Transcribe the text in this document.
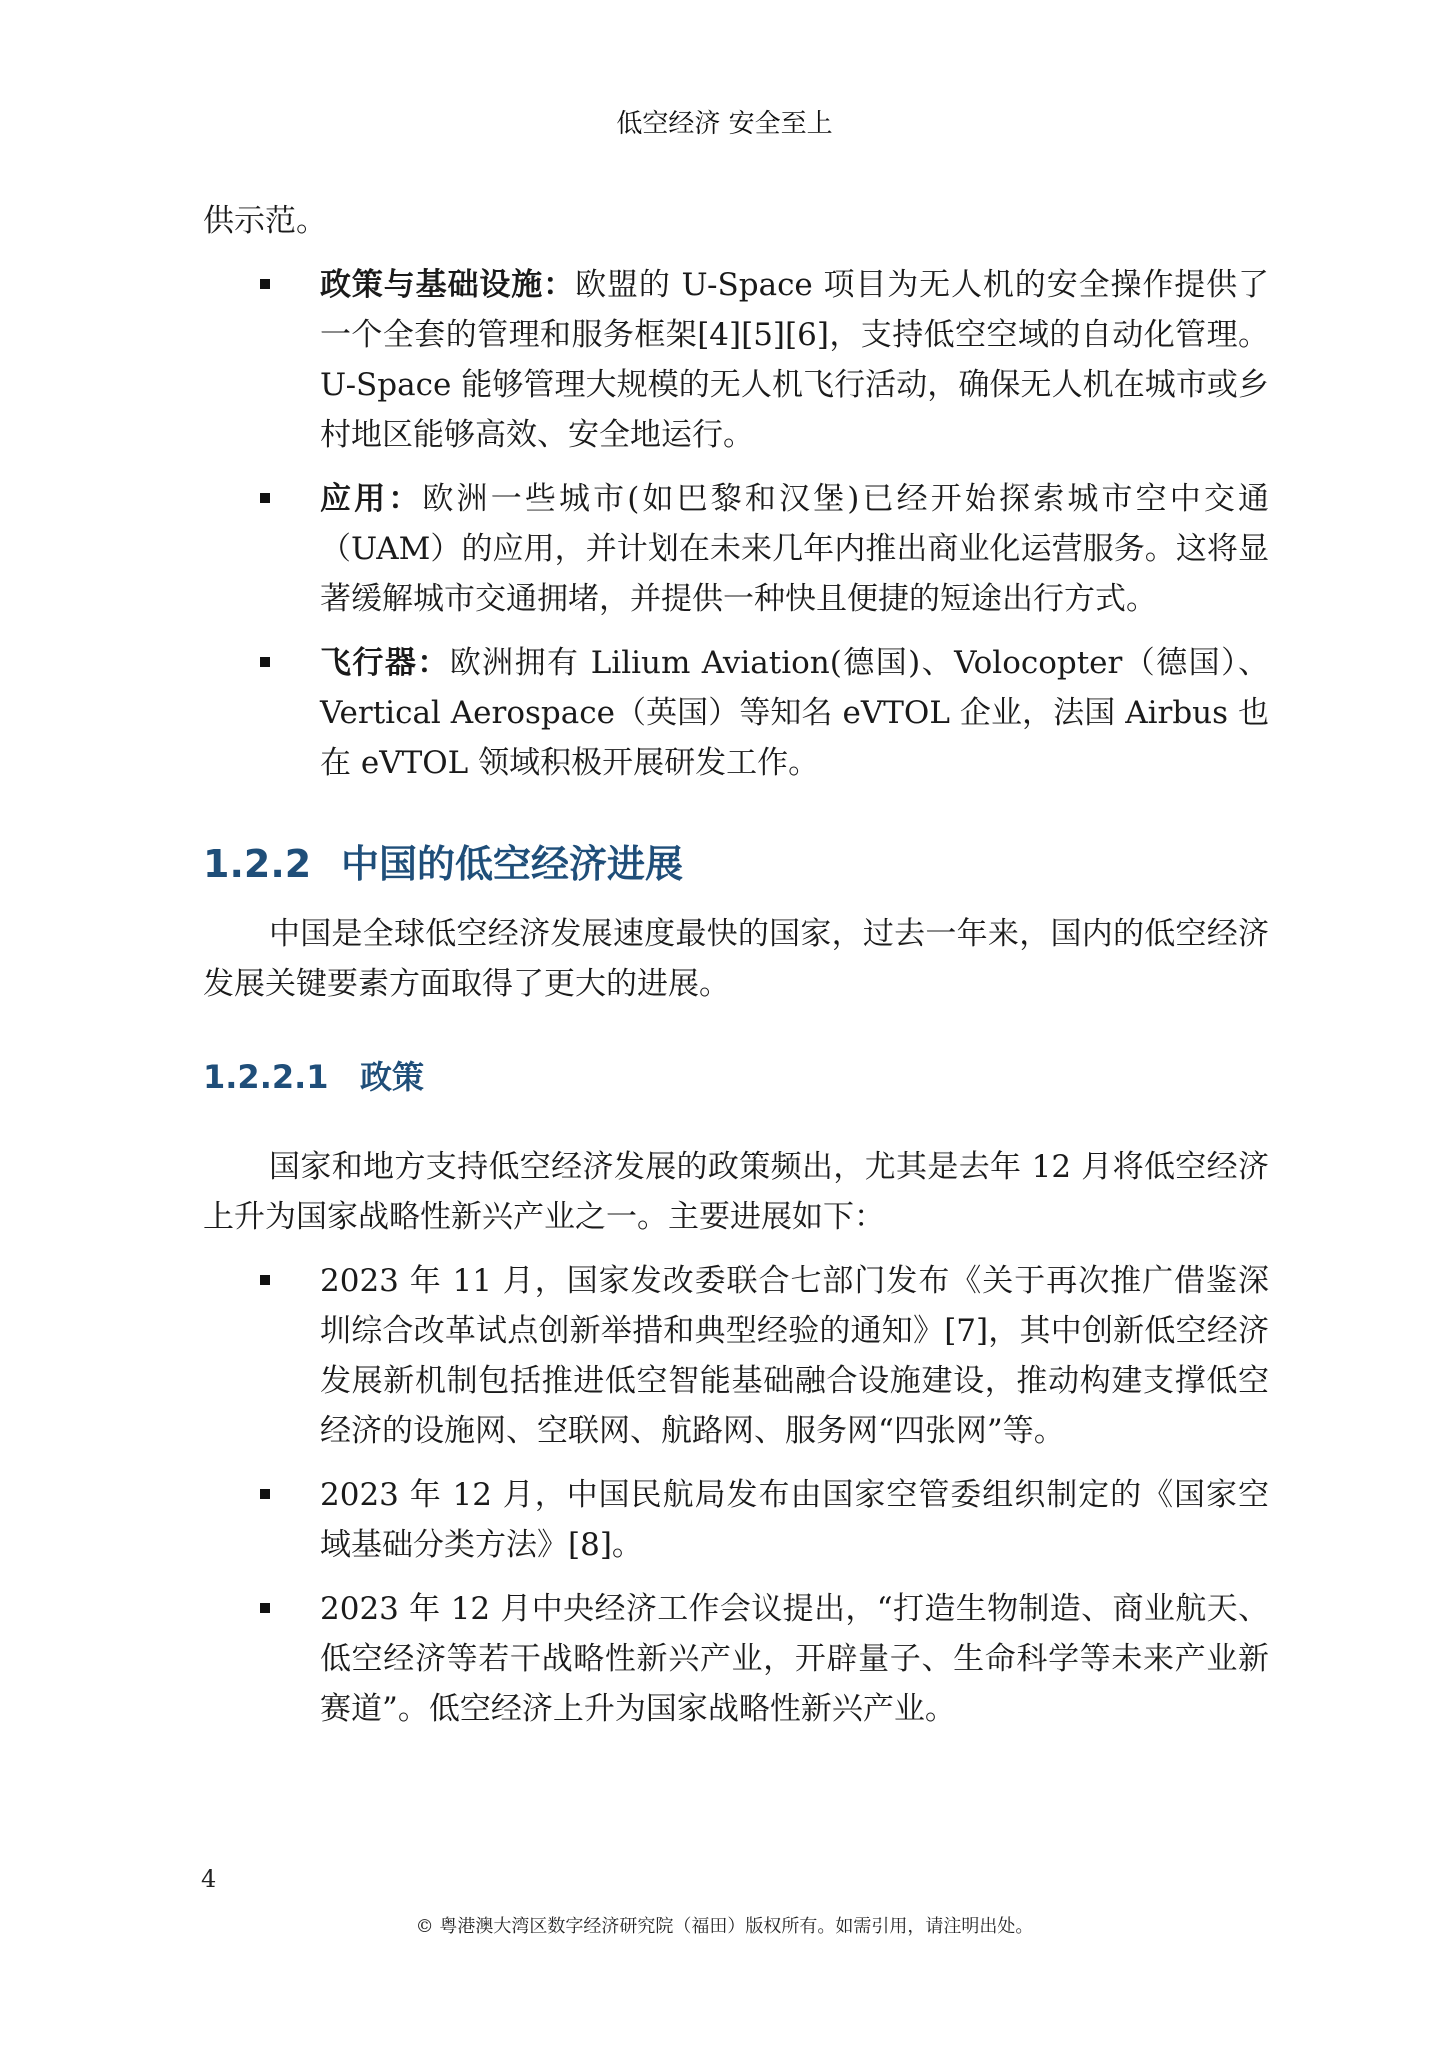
低空经济 安全至上

供示范。

政策与基础设施：欧盟的 U-Space 项目为无人机的安全操作提供了一个全套的管理和服务框架[4][5][6]，支持低空空域的自动化管理。U-Space 能够管理大规模的无人机飞行活动，确保无人机在城市或乡村地区能够高效、安全地运行。
应用：欧洲一些城市(如巴黎和汉堡)已经开始探索城市空中交通（UAM）的应用，并计划在未来几年内推出商业化运营服务。这将显著缓解城市交通拥堵，并提供一种快且便捷的短途出行方式。
飞行器：欧洲拥有 Lilium Aviation(德国)、Volocopter（德国）、Vertical Aerospace（英国）等知名 eVTOL 企业，法国 Airbus 也在 eVTOL 领域积极开展研发工作。
1.2.2 中国的低空经济进展

中国是全球低空经济发展速度最快的国家，过去一年来，国内的低空经济发展关键要素方面取得了更大的进展。

1.2.2.1 政策

国家和地方支持低空经济发展的政策频出，尤其是去年 12 月将低空经济上升为国家战略性新兴产业之一。主要进展如下：

2023 年 11 月，国家发改委联合七部门发布《关于再次推广借鉴深圳综合改革试点创新举措和典型经验的通知》[7]，其中创新低空经济发展新机制包括推进低空智能基础融合设施建设，推动构建支撑低空经济的设施网、空联网、航路网、服务网“四张网”等。
2023 年 12 月，中国民航局发布由国家空管委组织制定的《国家空域基础分类方法》[8]。
2023 年 12 月中央经济工作会议提出，“打造生物制造、商业航天、低空经济等若干战略性新兴产业，开辟量子、生命科学等未来产业新赛道”。低空经济上升为国家战略性新兴产业。
4
© 粤港澳大湾区数字经济研究院（福田）版权所有。如需引用，请注明出处。
